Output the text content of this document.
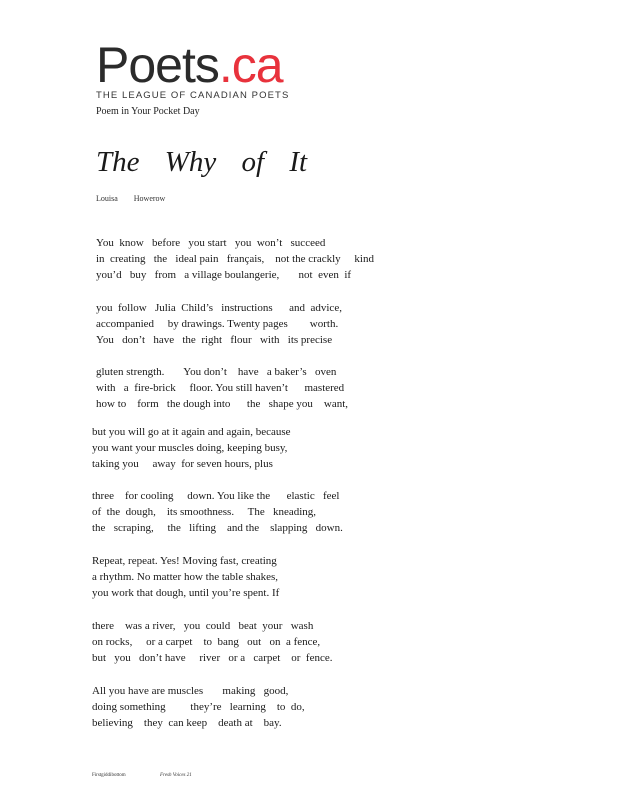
Poets.ca
THE LEAGUE OF CANADIAN POETS
Poem in Your Pocket Day
The Why of It
Louisa Howerow
You  know   before   you start   you  won’t   succeed
in  creating   the   ideal pain   français,    not the crackly     kind
you’d   buy   from   a village boulangerie,       not  even  if
you  follow   Julia  Child’s   instructions      and  advice,
accompanied     by drawings. Twenty pages        worth.
You   don’t   have   the  right   flour   with   its precise
gluten strength.       You don’t    have   a baker’s   oven
with   a  fire-brick     floor. You still haven’t      mastered
how to    form   the dough into      the   shape you    want,
but you will go at it again and again, because
you want your muscles doing, keeping busy,
taking you     away  for seven hours, plus
three    for cooling     down. You like the      elastic   feel
of  the  dough,    its smoothness.     The   kneading,
the   scraping,     the   lifting    and the    slapping   down.
Repeat, repeat. Yes! Moving fast, creating
a rhythm. No matter how the table shakes,
you work that dough, until you’re spent. If
there    was a river,   you  could   beat  your   wash
on rocks,     or a carpet    to  bang   out   on  a fence,
but   you   don’t have     river   or a   carpet    or  fence.
All you have are muscles       making   good,
doing something         they’re   learning    to  do,
believing    they  can keep    death at    bay.
Firstgiddibottom	Fresh Voices 21
